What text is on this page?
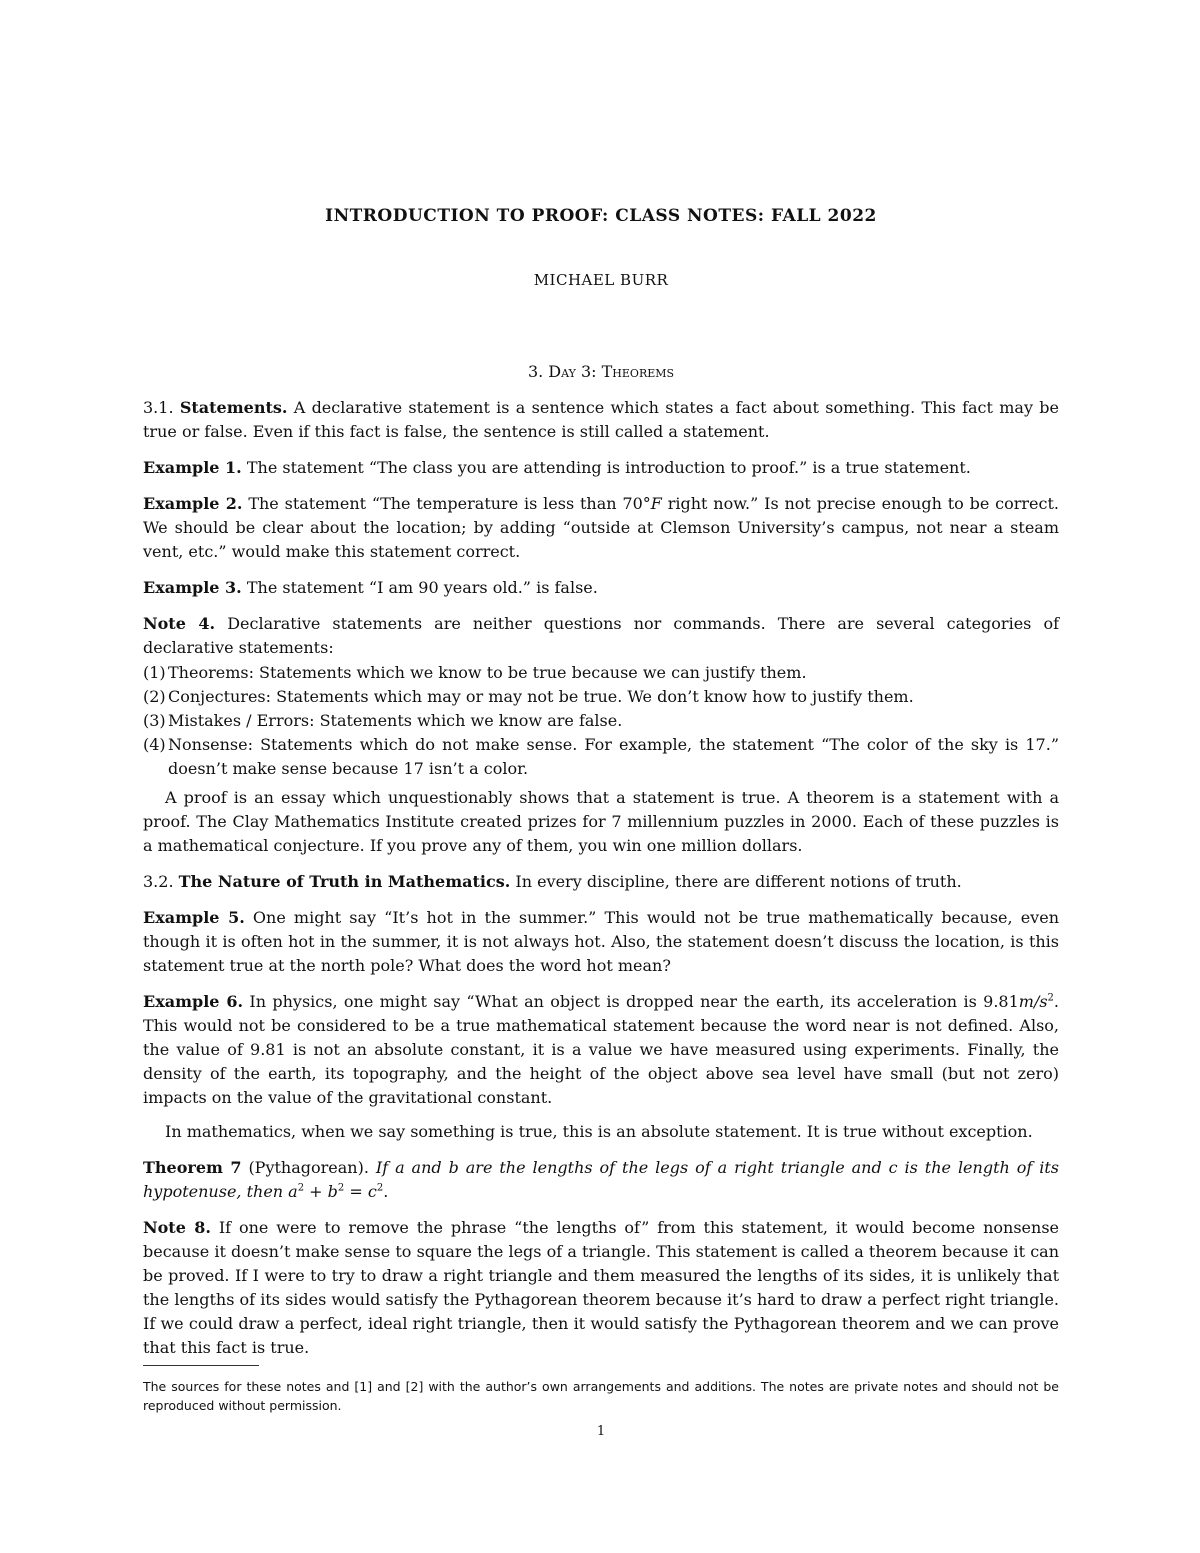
INTRODUCTION TO PROOF: CLASS NOTES: FALL 2022
MICHAEL BURR
3. Day 3: Theorems

3.1. Statements. A declarative statement is a sentence which states a fact about something. This fact may be true or false. Even if this fact is false, the sentence is still called a statement.

Example 1. The statement “The class you are attending is introduction to proof.” is a true statement.

Example 2. The statement “The temperature is less than 70°F right now.” Is not precise enough to be correct. We should be clear about the location; by adding “outside at Clemson University’s campus, not near a steam vent, etc.” would make this statement correct.

Example 3. The statement “I am 90 years old.” is false.

Note 4. Declarative statements are neither questions nor commands. There are several categories of declarative statements:

(1) Theorems: Statements which we know to be true because we can justify them.
(2) Conjectures: Statements which may or may not be true. We don’t know how to justify them.
(3) Mistakes / Errors: Statements which we know are false.
(4) Nonsense: Statements which do not make sense. For example, the statement “The color of the sky is 17.” doesn’t make sense because 17 isn’t a color.

A proof is an essay which unquestionably shows that a statement is true. A theorem is a statement with a proof. The Clay Mathematics Institute created prizes for 7 millennium puzzles in 2000. Each of these puzzles is a mathematical conjecture. If you prove any of them, you win one million dollars.

3.2. The Nature of Truth in Mathematics. In every discipline, there are different notions of truth.

Example 5. One might say “It’s hot in the summer.” This would not be true mathematically because, even though it is often hot in the summer, it is not always hot. Also, the statement doesn’t discuss the location, is this statement true at the north pole? What does the word hot mean?

Example 6. In physics, one might say “What an object is dropped near the earth, its acceleration is $9.81m/s^2$. This would not be considered to be a true mathematical statement because the word near is not defined. Also, the value of 9.81 is not an absolute constant, it is a value we have measured using experiments. Finally, the density of the earth, its topography, and the height of the object above sea level have small (but not zero) impacts on the value of the gravitational constant.

In mathematics, when we say something is true, this is an absolute statement. It is true without exception.

Theorem 7 (Pythagorean). If a and b are the lengths of the legs of a right triangle and c is the length of its hypotenuse, then $a^2 + b^2 = c^2$.

Note 8. If one were to remove the phrase “the lengths of” from this statement, it would become nonsense because it doesn’t make sense to square the legs of a triangle. This statement is called a theorem because it can be proved. If I were to try to draw a right triangle and them measured the lengths of its sides, it is unlikely that the lengths of its sides would satisfy the Pythagorean theorem because it’s hard to draw a perfect right triangle. If we could draw a perfect, ideal right triangle, then it would satisfy the Pythagorean theorem and we can prove that this fact is true.

The sources for these notes and [1] and [2] with the author’s own arrangements and additions. The notes are private notes and should not be reproduced without permission.
1
